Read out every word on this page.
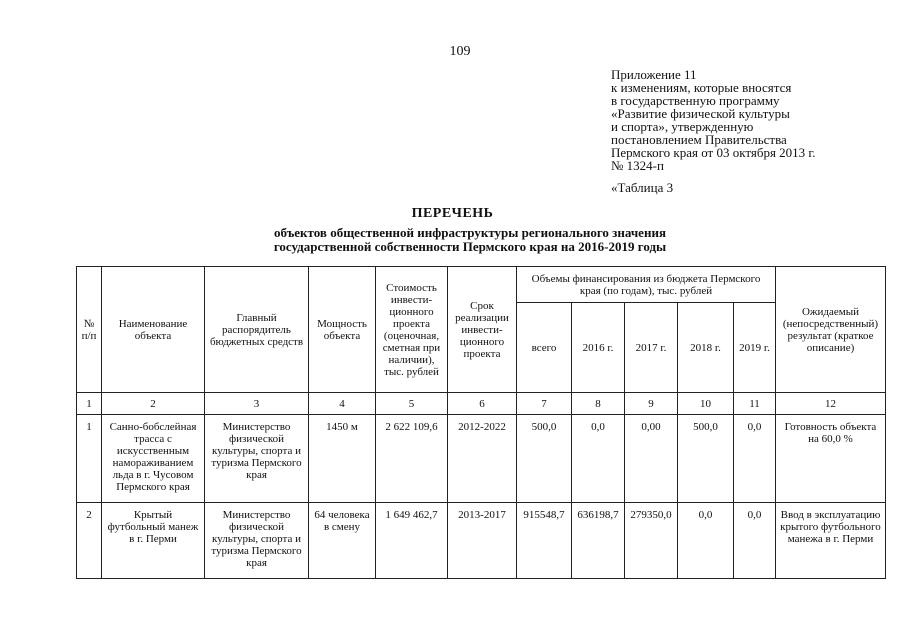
109
Приложение 11
к изменениям, которые вносятся
в государственную программу
«Развитие физической культуры
и спорта», утвержденную
постановлением Правительства
Пермского края от 03 октября 2013 г.
№ 1324-п
«Таблица 3
ПЕРЕЧЕНЬ
объектов общественной инфраструктуры регионального значения
государственной собственности Пермского края на 2016-2019 годы
№ п/п	Наименование объекта	Главный распорядитель бюджетных средств	Мощность объекта	Стоимость инвести-ционного проекта (оценочная, сметная при наличии), тыс. рублей	Срок реализации инвести-ционного проекта	Объемы финансирования из бюджета Пермского края (по годам), тыс. рублей					Ожидаемый (непосредственный) результат (краткое описание)
						всего	2016 г.	2017 г.	2018 г.	2019 г.	
1	2	3	4	5	6	7	8	9	10	11	12
1	Санно-бобслейная трасса с искусственным намораживанием льда в г. Чусовом Пермского края	Министерство физической культуры, спорта и туризма Пермского края	1450 м	2 622 109,6	2012-2022	500,0	0,0	0,00	500,0	0,0	Готовность объекта на 60,0 %
2	Крытый футбольный манеж в г. Перми	Министерство физической культуры, спорта и туризма Пермского края	64 человека в смену	1 649 462,7	2013-2017	915548,7	636198,7	279350,0	0,0	0,0	Ввод в эксплуатацию крытого футбольного манежа в г. Перми
